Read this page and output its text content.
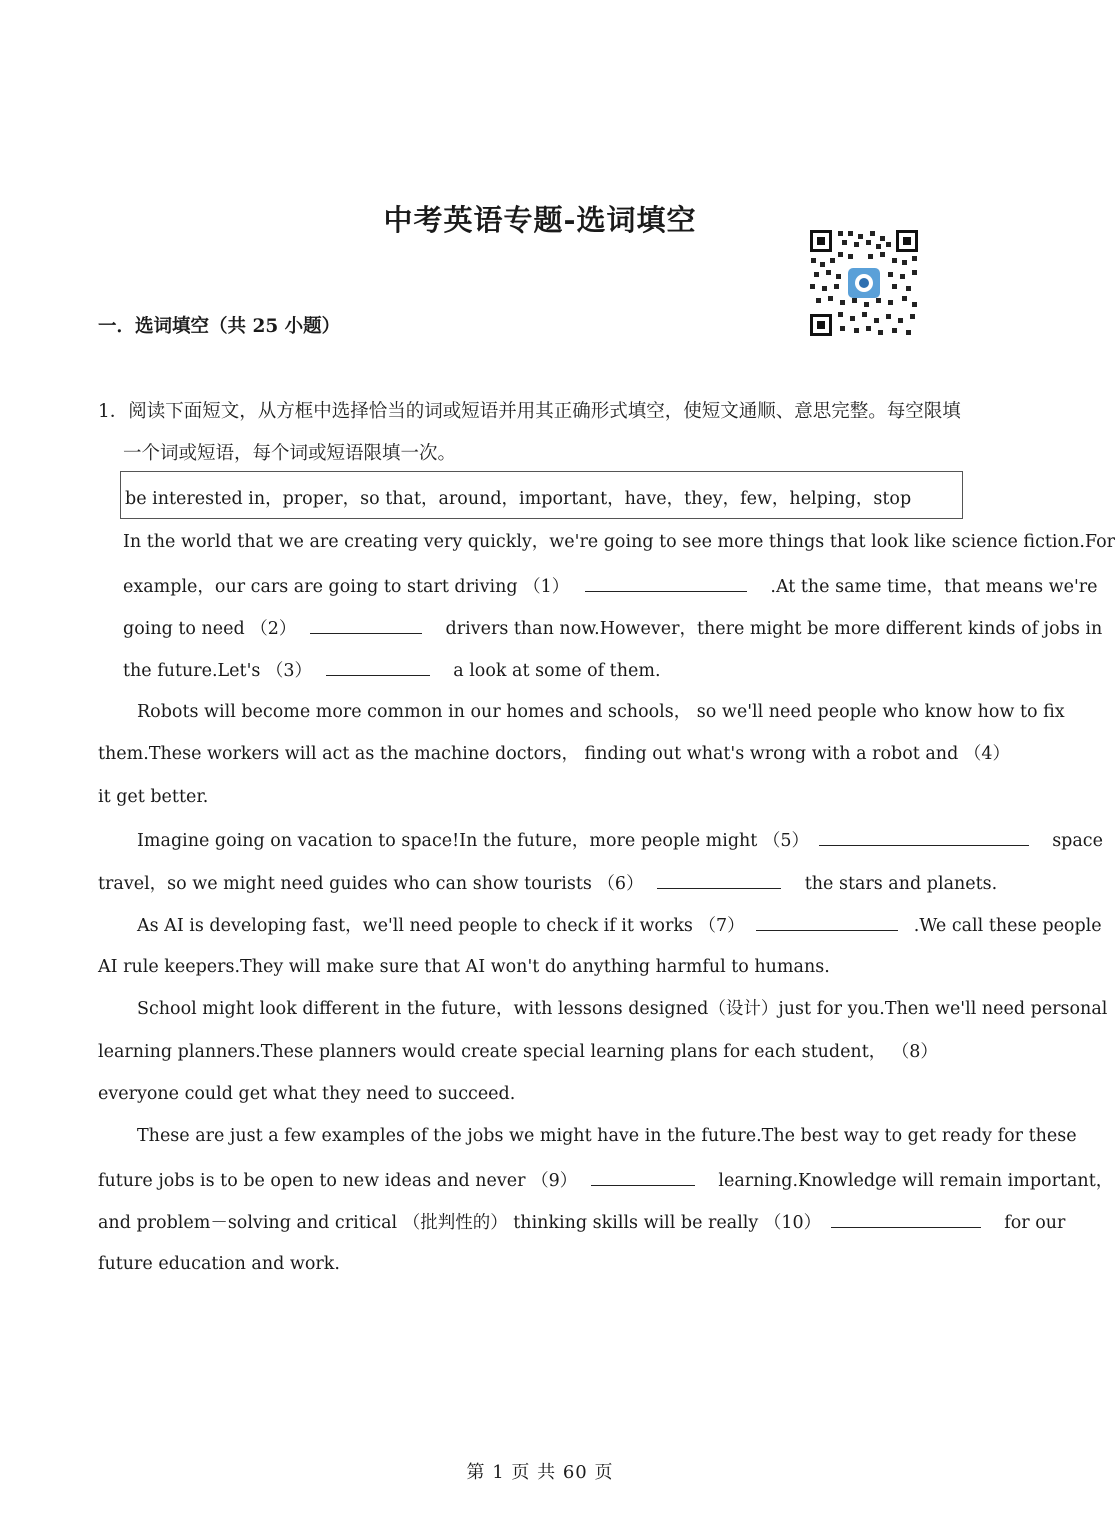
中考英语专题-选词填空
一．选词填空（共 25 小题）
1．阅读下面短文，从方框中选择恰当的词或短语并用其正确形式填空，使短文通顺、意思完整。每空限填
一个词或短语，每个词或短语限填一次。
be interested in，proper，so that，around，important，have，they，few，helping，stop
In the world that we are creating very quickly，we're going to see more things that look like science fiction.For
example，our cars are going to start driving （1）	.At the same time，that means we're
going to need （2）	drivers than now.However，there might be more different kinds of jobs in
the future.Let's （3）	a look at some of them.
Robots will become more common in our homes and schools， so we'll need people who know how to fix
them.These workers will act as the machine doctors， finding out what's wrong with a robot and （4）
it get better.
Imagine going on vacation to space!In the future，more people might （5）	space
travel，so we might need guides who can show tourists （6）	the stars and planets.
As AI is developing fast，we'll need people to check if it works （7）	.We call these people
AI rule keepers.They will make sure that AI won't do anything harmful to humans.
School might look different in the future，with lessons designed（设计）just for you.Then we'll need personal
learning planners.These planners would create special learning plans for each student， （8）
everyone could get what they need to succeed.
These are just a few examples of the jobs we might have in the future.The best way to get ready for these
future jobs is to be open to new ideas and never （9）	learning.Knowledge will remain important，
and problem－solving and critical （批判性的） thinking skills will be really （10）	for our
future education and work.
第 1 页 共 60 页
